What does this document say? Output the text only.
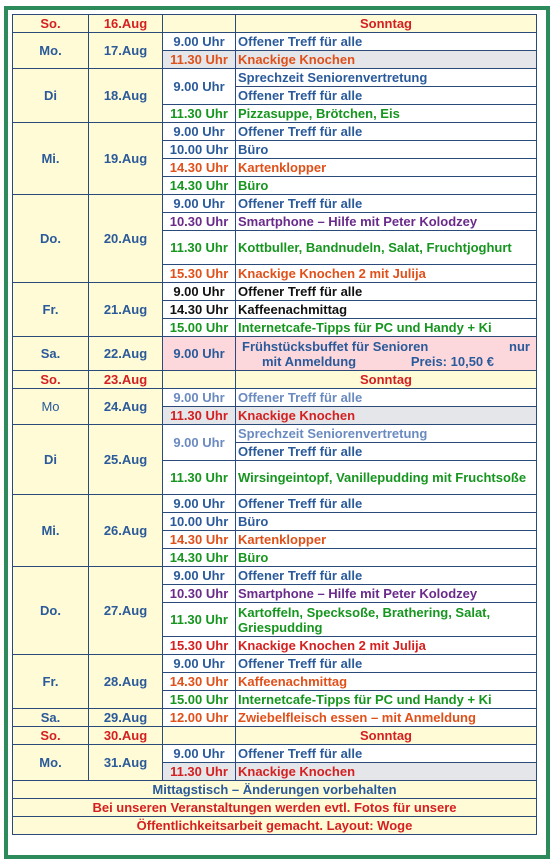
So.	16.Aug		Sonntag
Mo.	17.Aug	9.00 Uhr	Offener Treff für alle
		11.30 Uhr	Knackige Knochen
Di	18.Aug	9.00 Uhr	Sprechzeit Seniorenvertretung
			Offener Treff für alle
		11.30 Uhr	Pizzasuppe, Brötchen, Eis
Mi.	19.Aug	9.00 Uhr	Offener Treff für alle
		10.00 Uhr	Büro
		14.30 Uhr	Kartenklopper
		14.30 Uhr	Büro
Do.	20.Aug	9.00 Uhr	Offener Treff für alle
		10.30 Uhr	Smartphone – Hilfe mit Peter Kolodzey
		11.30 Uhr	Kottbuller, Bandnudeln, Salat, Fruchtjoghurt
		15.30 Uhr	Knackige Knochen 2 mit Julija
Fr.	21.Aug	9.00 Uhr	Offener Treff für alle
		14.30 Uhr	Kaffeenachmittag
		15.00 Uhr	Internetcafe-Tipps für PC und Handy + Ki
Sa.	22.Aug	9.00 Uhr	Frühstücksbuffet für Senioren nur
mit Anmeldung Preis: 10,50 €

So.	23.Aug		Sonntag
Mo	24.Aug	9.00 Uhr	Offener Treff für alle
		11.30 Uhr	Knackige Knochen
Di	25.Aug	9.00 Uhr	Sprechzeit Seniorenvertretung
			Offener Treff für alle
		11.30 Uhr	Wirsingeintopf, Vanillepudding mit Fruchtsoße
Mi.	26.Aug	9.00 Uhr	Offener Treff für alle
		10.00 Uhr	Büro
		14.30 Uhr	Kartenklopper
		14.30 Uhr	Büro
Do.	27.Aug	9.00 Uhr	Offener Treff für alle
		10.30 Uhr	Smartphone – Hilfe mit Peter Kolodzey
		11.30 Uhr	Kartoffeln, Specksoße, Brathering, Salat, Griespudding
		15.30 Uhr	Knackige Knochen 2 mit Julija
Fr.	28.Aug	9.00 Uhr	Offener Treff für alle
		14.30 Uhr	Kaffeenachmittag
		15.00 Uhr	Internetcafe-Tipps für PC und Handy + Ki
Sa.	29.Aug	12.00 Uhr	Zwiebelfleisch essen – mit Anmeldung
So.	30.Aug		Sonntag
Mo.	31.Aug	9.00 Uhr	Offener Treff für alle
		11.30 Uhr	Knackige Knochen
Mittagstisch – Änderungen vorbehalten			
Bei unseren Veranstaltungen werden evtl. Fotos für unsere			
Öffentlichkeitsarbeit gemacht. Layout: Woge			
